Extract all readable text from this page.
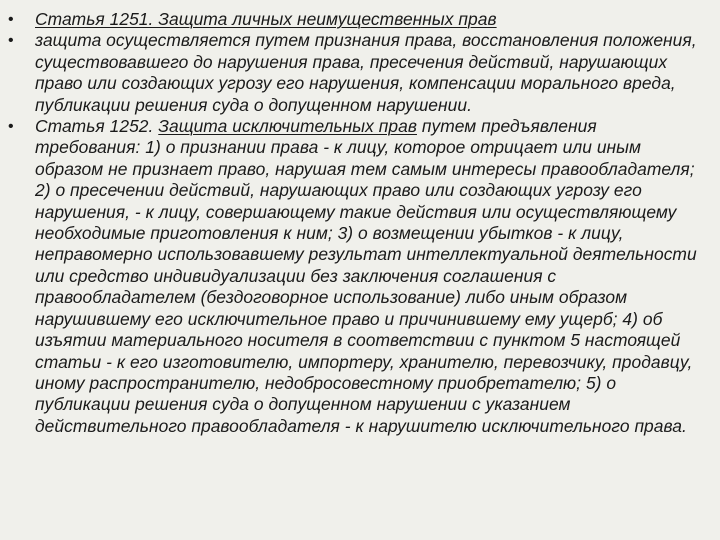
• Статья 1251. Защита личных неимущественных прав
• защита осуществляется путем признания права, восстановления положения, существовавшего до нарушения права, пресечения действий, нарушающих право или создающих угрозу его нарушения, компенсации морального вреда, публикации решения суда о допущенном нарушении.
• Статья 1252. Защита исключительных прав путем предъявления требования: 1) о признании права - к лицу, которое отрицает или иным образом не признает право, нарушая тем самым интересы правообладателя; 2) о пресечении действий, нарушающих право или создающих угрозу его нарушения, - к лицу, совершающему такие действия или осуществляющему необходимые приготовления к ним; 3) о возмещении убытков - к лицу, неправомерно использовавшему результат интеллектуальной деятельности или средство индивидуализации без заключения соглашения с правообладателем (бездоговорное использование) либо иным образом нарушившему его исключительное право и причинившему ему ущерб; 4) об изъятии материального носителя в соответствии с пунктом 5 настоящей статьи - к его изготовителю, импортеру, хранителю, перевозчику, продавцу, иному распространителю, недобросовестному приобретателю; 5) о публикации решения суда о допущенном нарушении с указанием действительного правообладателя - к нарушителю исключительного права.
